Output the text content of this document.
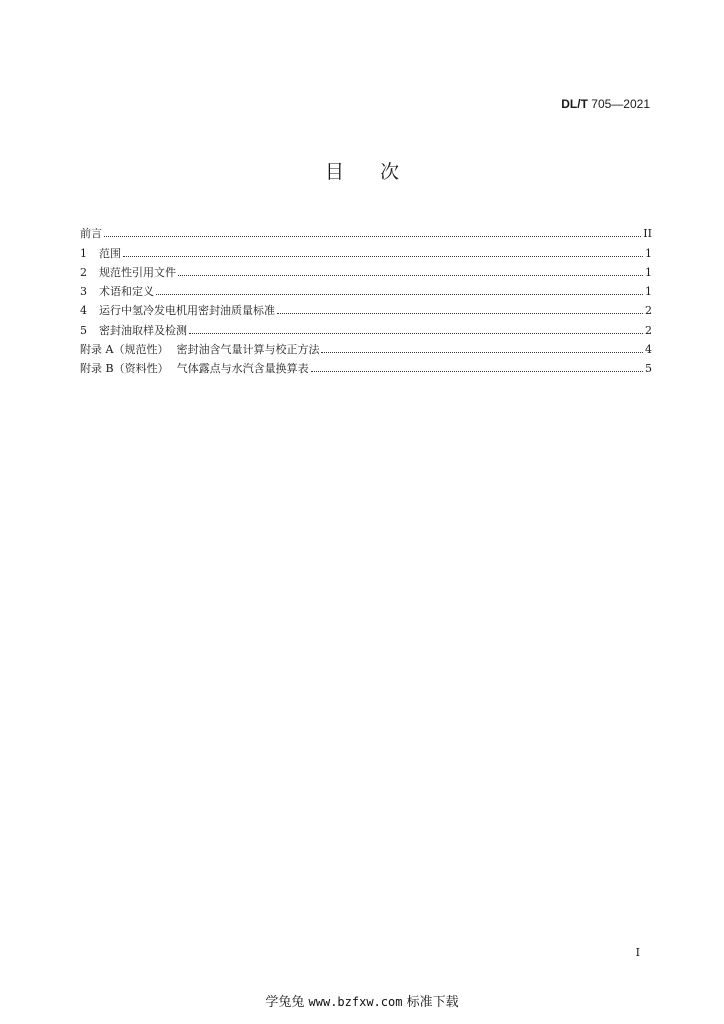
DL/T 705—2021
目次
前言	II
1	范围	1
2	规范性引用文件	1
3	术语和定义	1
4	运行中氢冷发电机用密封油质量标准	2
5	密封油取样及检测	2
附录 A（规范性） 密封油含气量计算与校正方法	4
附录 B（资料性） 气体露点与水汽含量换算表	5
I
学兔兔 www.bzfxw.com 标准下载
